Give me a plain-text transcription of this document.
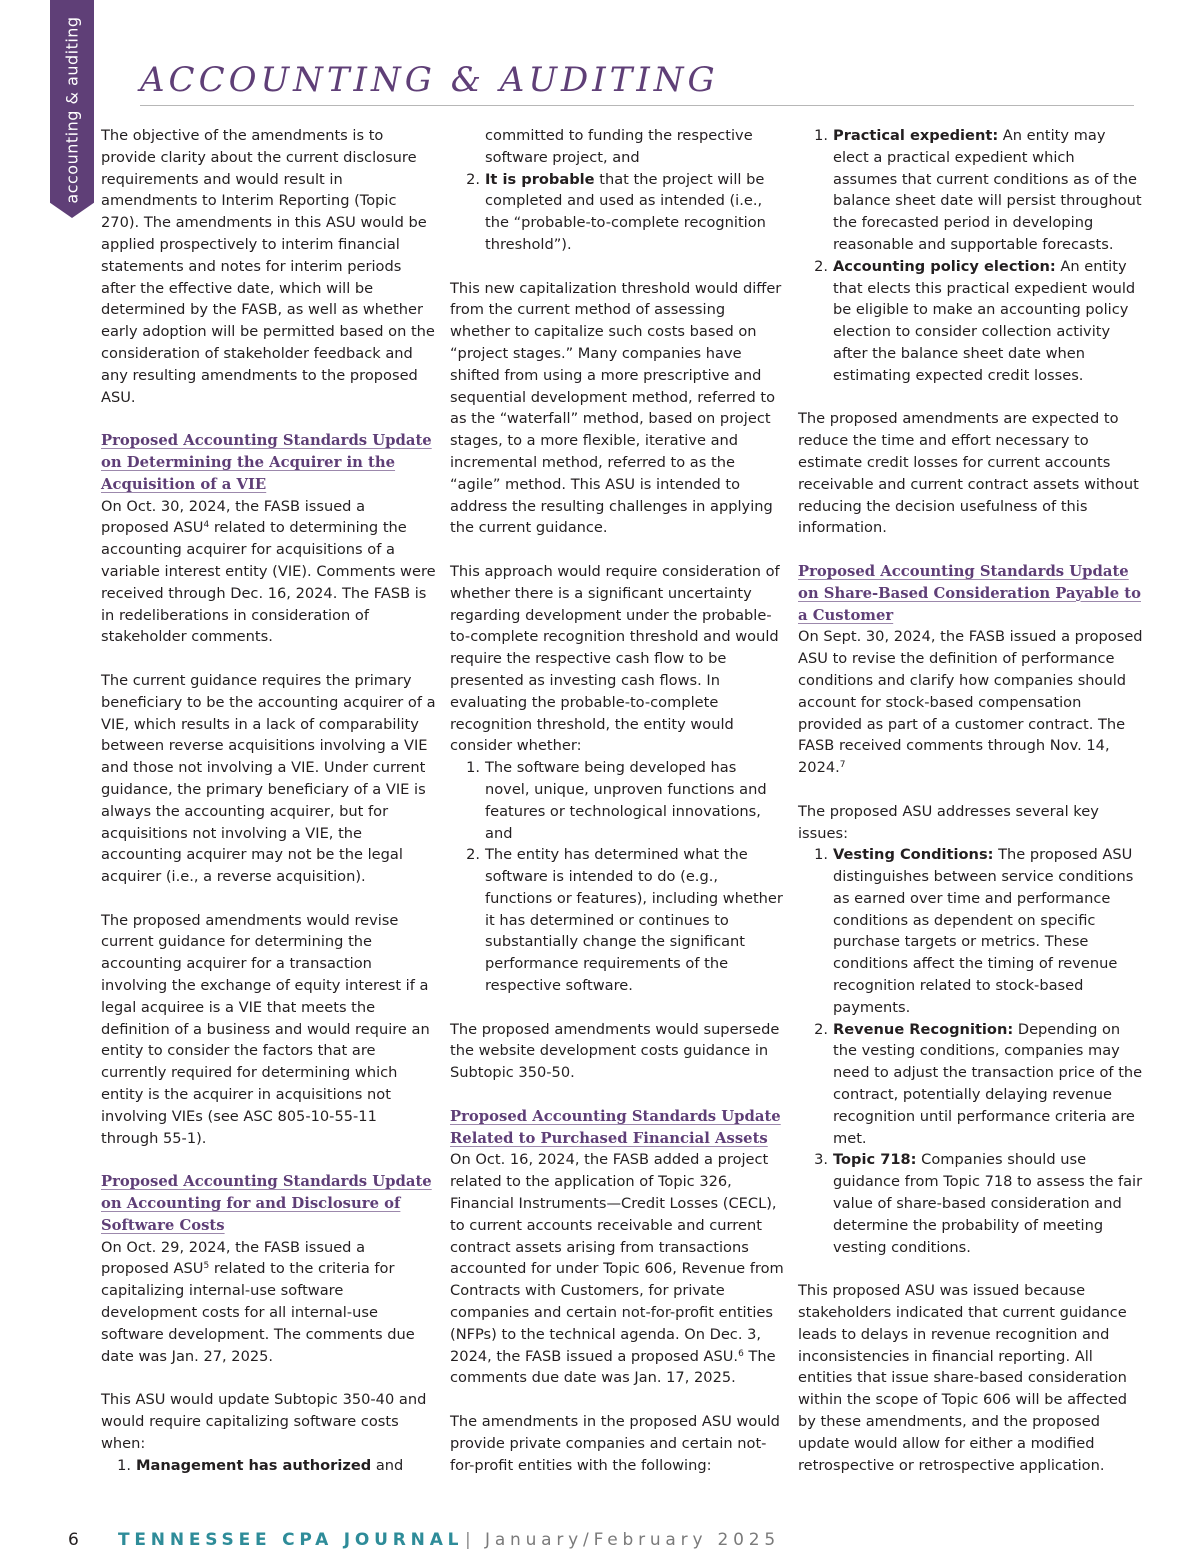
accounting & auditing ACCOUNTING & AUDITING

The objective of the amendments is to provide clarity about the current disclosure requirements and would result in amendments to Interim Reporting (Topic 270). The amendments in this ASU would be applied prospectively to interim financial statements and notes for interim periods after the effective date, which will be determined by the FASB, as well as whether early adoption will be permitted based on the consideration of stakeholder feedback and any resulting amendments to the proposed ASU.

Proposed Accounting Standards Update on Determining the Acquirer in the Acquisition of a VIE

On Oct. 30, 2024, the FASB issued a proposed ASU$^4$ related to determining the accounting acquirer for acquisitions of a variable interest entity (VIE). Comments were received through Dec. 16, 2024. The FASB is in redeliberations in consideration of stakeholder comments.

The current guidance requires the primary beneficiary to be the accounting acquirer of a VIE, which results in a lack of comparability between reverse acquisitions involving a VIE and those not involving a VIE. Under current guidance, the primary beneficiary of a VIE is always the accounting acquirer, but for acquisitions not involving a VIE, the accounting acquirer may not be the legal acquirer (i.e., a reverse acquisition).

The proposed amendments would revise current guidance for determining the accounting acquirer for a transaction involving the exchange of equity interest if a legal acquiree is a VIE that meets the definition of a business and would require an entity to consider the factors that are currently required for determining which entity is the acquirer in acquisitions not involving VIEs (see ASC 805-10-55-11 through 55-1).

Proposed Accounting Standards Update on Accounting for and Disclosure of Software Costs

On Oct. 29, 2024, the FASB issued a proposed ASU$^5$ related to the criteria for capitalizing internal-use software development costs for all internal-use software development. The comments due date was Jan. 27, 2025.

This ASU would update Subtopic 350-40 and would require capitalizing software costs when:

1. Management has authorized and

committed to funding the respective software project, and

2. It is probable that the project will be completed and used as intended (i.e., the “probable-to-complete recognition threshold”).

This new capitalization threshold would differ from the current method of assessing whether to capitalize such costs based on “project stages.” Many companies have shifted from using a more prescriptive and sequential development method, referred to as the “waterfall” method, based on project stages, to a more flexible, iterative and incremental method, referred to as the “agile” method. This ASU is intended to address the resulting challenges in applying the current guidance.

This approach would require consideration of whether there is a significant uncertainty regarding development under the probable-to-complete recognition threshold and would require the respective cash flow to be presented as investing cash flows. In evaluating the probable-to-complete recognition threshold, the entity would consider whether:

1. The software being developed has novel, unique, unproven functions and features or technological innovations, and
2. The entity has determined what the software is intended to do (e.g., functions or features), including whether it has determined or continues to substantially change the significant performance requirements of the respective software.

The proposed amendments would supersede the website development costs guidance in Subtopic 350-50.

Proposed Accounting Standards Update Related to Purchased Financial Assets

On Oct. 16, 2024, the FASB added a project related to the application of Topic 326, Financial Instruments—Credit Losses (CECL), to current accounts receivable and current contract assets arising from transactions accounted for under Topic 606, Revenue from Contracts with Customers, for private companies and certain not-for-profit entities (NFPs) to the technical agenda. On Dec. 3, 2024, the FASB issued a proposed ASU.$^6$ The comments due date was Jan. 17, 2025.

The amendments in the proposed ASU would provide private companies and certain not-for-profit entities with the following:

1. Practical expedient: An entity may elect a practical expedient which assumes that current conditions as of the balance sheet date will persist throughout the forecasted period in developing reasonable and supportable forecasts.
2. Accounting policy election: An entity that elects this practical expedient would be eligible to make an accounting policy election to consider collection activity after the balance sheet date when estimating expected credit losses.

The proposed amendments are expected to reduce the time and effort necessary to estimate credit losses for current accounts receivable and current contract assets without reducing the decision usefulness of this information.

Proposed Accounting Standards Update on Share-Based Consideration Payable to a Customer

On Sept. 30, 2024, the FASB issued a proposed ASU to revise the definition of performance conditions and clarify how companies should account for stock-based compensation provided as part of a customer contract. The FASB received comments through Nov. 14, 2024.$^7$

The proposed ASU addresses several key issues:

1. Vesting Conditions: The proposed ASU distinguishes between service conditions as earned over time and performance conditions as dependent on specific purchase targets or metrics. These conditions affect the timing of revenue recognition related to stock-based payments.
2. Revenue Recognition: Depending on the vesting conditions, companies may need to adjust the transaction price of the contract, potentially delaying revenue recognition until performance criteria are met.
3. Topic 718: Companies should use guidance from Topic 718 to assess the fair value of share-based consideration and determine the probability of meeting vesting conditions.

This proposed ASU was issued because stakeholders indicated that current guidance leads to delays in revenue recognition and inconsistencies in financial reporting. All entities that issue share-based consideration within the scope of Topic 606 will be affected by these amendments, and the proposed update would allow for either a modified retrospective or retrospective application.

6 TENNESSEE CPA JOURNAL | January/February 2025
